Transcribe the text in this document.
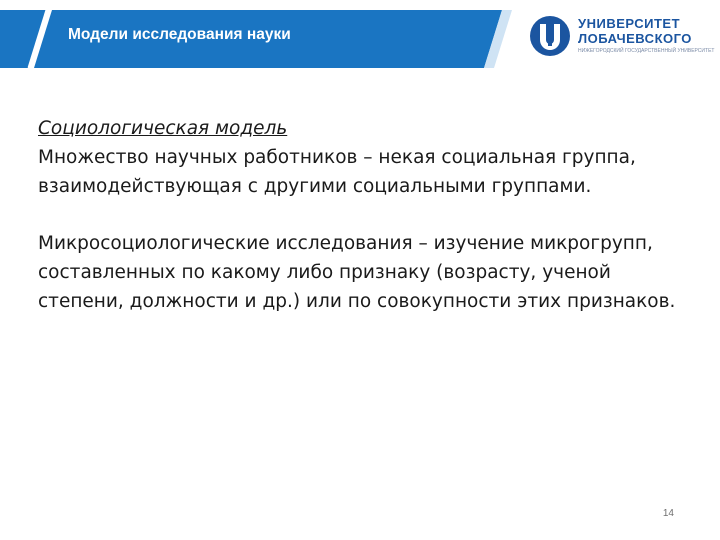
Модели исследования науки
УНИВЕРСИТЕТ
ЛОБАЧЕВСКОГО
НИЖЕГОРОДСКИЙ ГОСУДАРСТВЕННЫЙ УНИВЕРСИТЕТ
Социологическая модель
Множество научных работников – некая социальная группа, взаимодействующая с другими социальными группами.
Микросоциологические исследования – изучение микрогрупп, составленных по какому либо признаку (возрасту, ученой степени, должности и др.) или по совокупности этих признаков.
14
